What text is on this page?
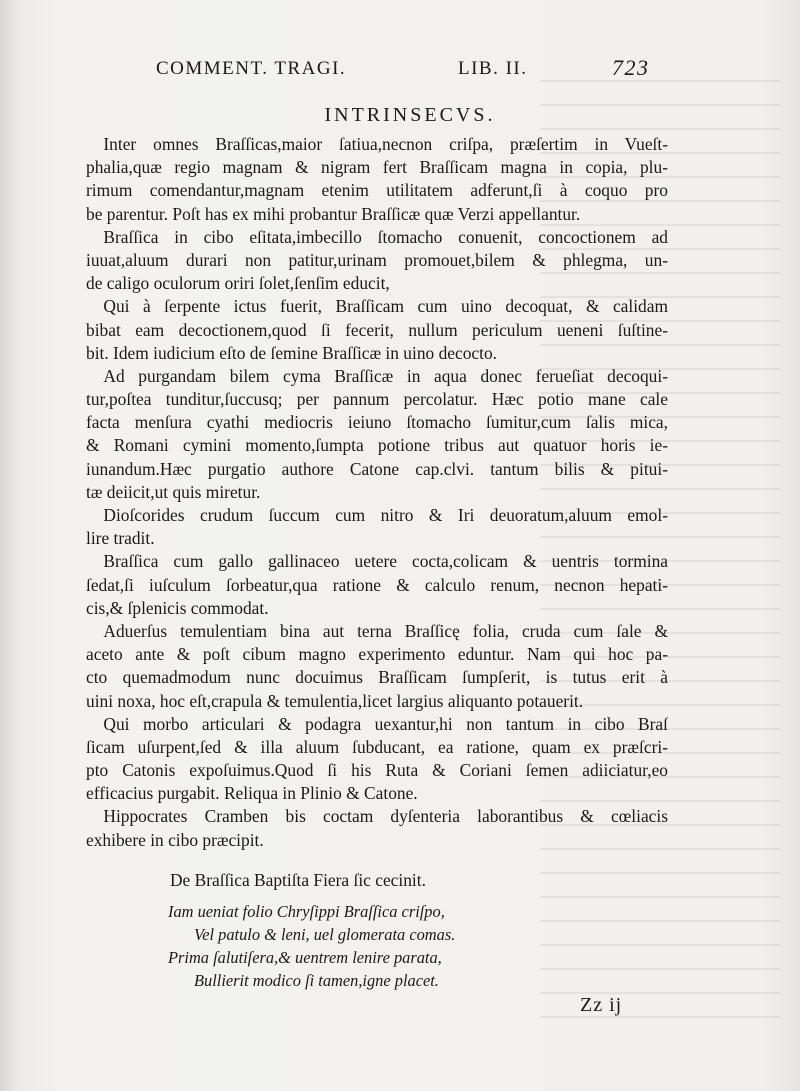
COMMENT. TRAGI.	LIB. II.	723
INTRINSECVS.
Inter omnes Braſſicas,maior ſatiua,necnon criſpa, præſertim in Vueſt-
phalia,quæ regio magnam & nigram fert Braſſicam magna in copia, plu-
rimum comendantur,magnam etenim utilitatem adferunt,ſi à coquo pro
be parentur. Poſt has ex mihi probantur Braſſicæ quæ Verzi appellantur.
Braſſica in cibo eſitata,imbecillo ſtomacho conuenit, concoctionem ad
iuuat,aluum durari non patitur,urinam promouet,bilem & phlegma, un-
de caligo oculorum oriri ſolet,ſenſim educit,
Qui à ſerpente ictus fuerit, Braſſicam cum uino decoquat, & calidam
bibat eam decoctionem,quod ſi fecerit, nullum periculum ueneni ſuſtine-
bit. Idem iudicium eſto de ſemine Braſſicæ in uino decocto.
Ad purgandam bilem cyma Braſſicæ in aqua donec ferueſiat decoqui-
tur,poſtea tunditur,ſuccusq; per pannum percolatur. Hæc potio mane cale
facta menſura cyathi mediocris ieiuno ſtomacho ſumitur,cum ſalis mica,
& Romani cymini momento,ſumpta potione tribus aut quatuor horis ie-
iunandum.Hæc purgatio authore Catone cap.clvi. tantum bilis & pitui-
tæ deiicit,ut quis miretur.
Dioſcorides crudum ſuccum cum nitro & Iri deuoratum,aluum emol-
lire tradit.
Braſſica cum gallo gallinaceo uetere cocta,colicam & uentris tormina
ſedat,ſi iuſculum ſorbeatur,qua ratione & calculo renum, necnon hepati-
cis,& ſplenicis commodat.
Aduerſus temulentiam bina aut terna Braſſicę folia, cruda cum ſale &
aceto ante & poſt cibum magno experimento eduntur. Nam qui hoc pa-
cto quemadmodum nunc docuimus Braſſicam ſumpſerit, is tutus erit à
uini noxa, hoc eſt,crapula & temulentia,licet largius aliquanto potauerit.
Qui morbo articulari & podagra uexantur,hi non tantum in cibo Braſ
ſicam uſurpent,ſed & illa aluum ſubducant, ea ratione, quam ex præſcri-
pto Catonis expoſuimus.Quod ſi his Ruta & Coriani ſemen adiiciatur,eo
efficacius purgabit. Reliqua in Plinio & Catone.
Hippocrates Cramben bis coctam dyſenteria laborantibus & cœliacis
exhibere in cibo præcipit.
De Braſſica Baptiſta Fiera ſic cecinit.
Iam ueniat folio Chryſippi Braſſica criſpo,
Vel patulo & leni, uel glomerata comas.
Prima ſalutiſera,& uentrem lenire parata,
Bullierit modico ſi tamen,igne placet.
Zz ij
